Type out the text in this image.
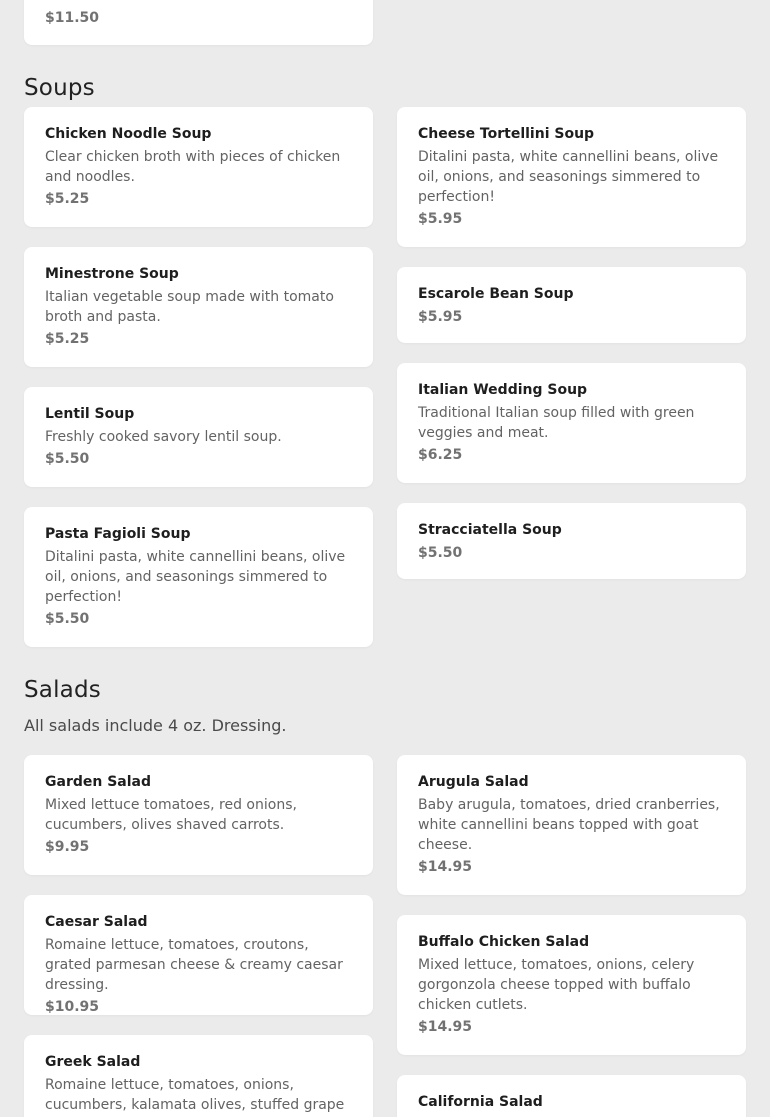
$11.50

Soups

Chicken Noodle Soup

Clear chicken broth with pieces of chicken and noodles.

$5.25

Cheese Tortellini Soup

Ditalini pasta, white cannellini beans, olive oil, onions, and seasonings simmered to perfection!

$5.95

Minestrone Soup

Italian vegetable soup made with tomato broth and pasta.

$5.25

Escarole Bean Soup

$5.95

Lentil Soup

Freshly cooked savory lentil soup.

$5.50

Italian Wedding Soup

Traditional Italian soup filled with green veggies and meat.

$6.25

Pasta Fagioli Soup

Ditalini pasta, white cannellini beans, olive oil, onions, and seasonings simmered to perfection!

$5.50

Stracciatella Soup

$5.50

Salads

All salads include 4 oz. Dressing.

Garden Salad

Mixed lettuce tomatoes, red onions, cucumbers, olives shaved carrots.

$9.95

Arugula Salad

Baby arugula, tomatoes, dried cranberries, white cannellini beans topped with goat cheese.

$14.95

Caesar Salad

Romaine lettuce, tomatoes, croutons, grated parmesan cheese & creamy caesar dressing.

$10.95

Buffalo Chicken Salad

Mixed lettuce, tomatoes, onions, celery gorgonzola cheese topped with buffalo chicken cutlets.

$14.95

Greek Salad

Romaine lettuce, tomatoes, onions, cucumbers, kalamata olives, stuffed grape	California Salad
